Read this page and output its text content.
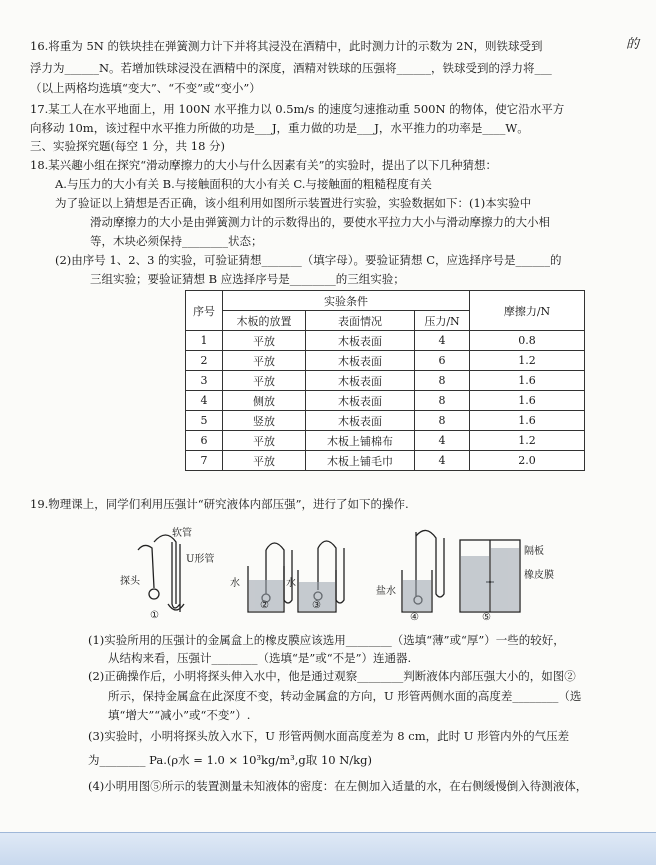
16.将重为 5N 的铁块挂在弹簧测力计下并将其浸没在酒精中，此时测力计的示数为 2N，则铁球受到	的
浮力为______N。若增加铁球浸没在酒精中的深度，酒精对铁球的压强将______，铁球受到的浮力将___
（以上两格均选填“变大”、“不变”或“变小”）
17.某工人在水平地面上，用 100N 水平推力以 0.5m/s 的速度匀速推动重 500N 的物体，使它沿水平方
向移动 10m，该过程中水平推力所做的功是___J，重力做的功是___J，水平推力的功率是____W。
三、实验探究题(每空 1 分，共 18 分)
18.某兴趣小组在探究“滑动摩擦力的大小与什么因素有关”的实验时，提出了以下几种猜想：
A.与压力的大小有关 B.与接触面积的大小有关 C.与接触面的粗糙程度有关
为了验证以上猜想是否正确，该小组利用如图所示装置进行实验，实验数据如下：(1)本实验中
滑动摩擦力的大小是由弹簧测力计的示数得出的，要使水平拉力大小与滑动摩擦力的大小相
等，木块必须保持________状态；
(2)由序号 1、2、3 的实验，可验证猜想_______（填字母）。要验证猜想 C，应选择序号是______的
三组实验；要验证猜想 B 应选择序号是________的三组实验；
序号	实验条件			摩擦力/N
	木板的放置	表面情况	压力/N	
1	平放	木板表面	4	0.8
2	平放	木板表面	6	1.2
3	平放	木板表面	8	1.6
4	侧放	木板表面	8	1.6
5	竖放	木板表面	8	1.6
6	平放	木板上铺棉布	4	1.2
7	平放	木板上铺毛巾	4	2.0
19.物理课上，同学们利用压强计“研究液体内部压强”，进行了如下的操作.
软管
U形管
探头	水	水
盐水
隔板
橡皮膜
①
②	③
④	⑤
(1)实验所用的压强计的金属盒上的橡皮膜应该选用________（选填“薄”或“厚”）一些的较好，
从结构来看，压强计________（选填“是”或“不是”）连通器.
(2)正确操作后，小明将探头伸入水中，他是通过观察________判断液体内部压强大小的，如图②
所示，保持金属盒在此深度不变，转动金属盒的方向，U 形管两侧水面的高度差________（选
填“增大”“减小”或“不变”）.
(3)实验时，小明将探头放入水下，U 形管两侧水面高度差为 8 cm，此时 U 形管内外的气压差
为________ Pa.(ρ水 = 1.0 × 10³kg/m³,g取 10 N/kg)
(4)小明用图⑤所示的装置测量未知液体的密度：在左侧加入适量的水，在右侧缓慢倒入待测液体，
